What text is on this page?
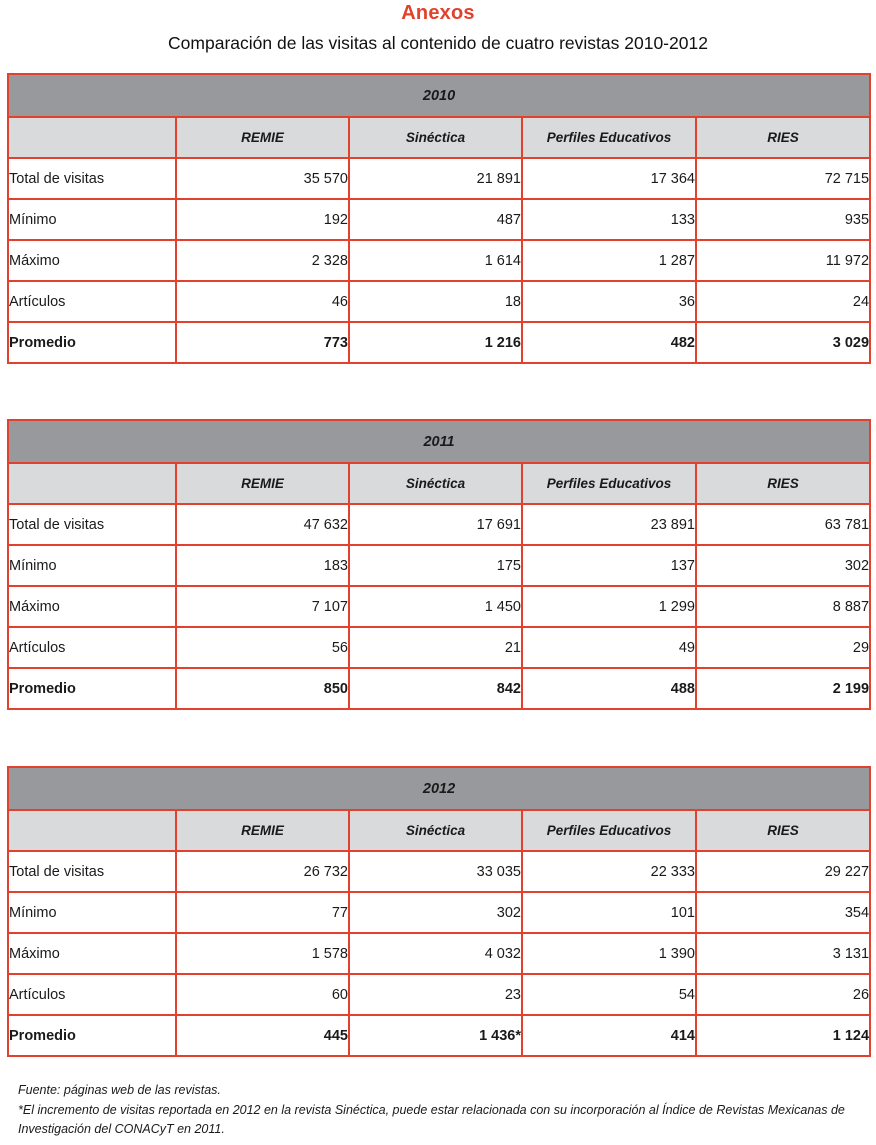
Anexos
Comparación de las visitas al contenido de cuatro revistas 2010-2012
2010				
	REMIE	Sinéctica	Perfiles Educativos	RIES
Total de visitas	35 570	21 891	17 364	72 715
Mínimo	192	487	133	935
Máximo	2 328	1 614	1 287	11 972
Artículos	46	18	36	24
Promedio	773	1 216	482	3 029
2011				
	REMIE	Sinéctica	Perfiles Educativos	RIES
Total de visitas	47 632	17 691	23 891	63 781
Mínimo	183	175	137	302
Máximo	7 107	1 450	1 299	8 887
Artículos	56	21	49	29
Promedio	850	842	488	2 199
2012				
	REMIE	Sinéctica	Perfiles Educativos	RIES
Total de visitas	26 732	33 035	22 333	29 227
Mínimo	77	302	101	354
Máximo	1 578	4 032	1 390	3 131
Artículos	60	23	54	26
Promedio	445	1 436*	414	1 124

Fuente: páginas web de las revistas.

*El incremento de visitas reportada en 2012 en la revista Sinéctica, puede estar relacionada con su incorporación al Índice de Revistas Mexicanas de Investigación del CONACyT en 2011.
